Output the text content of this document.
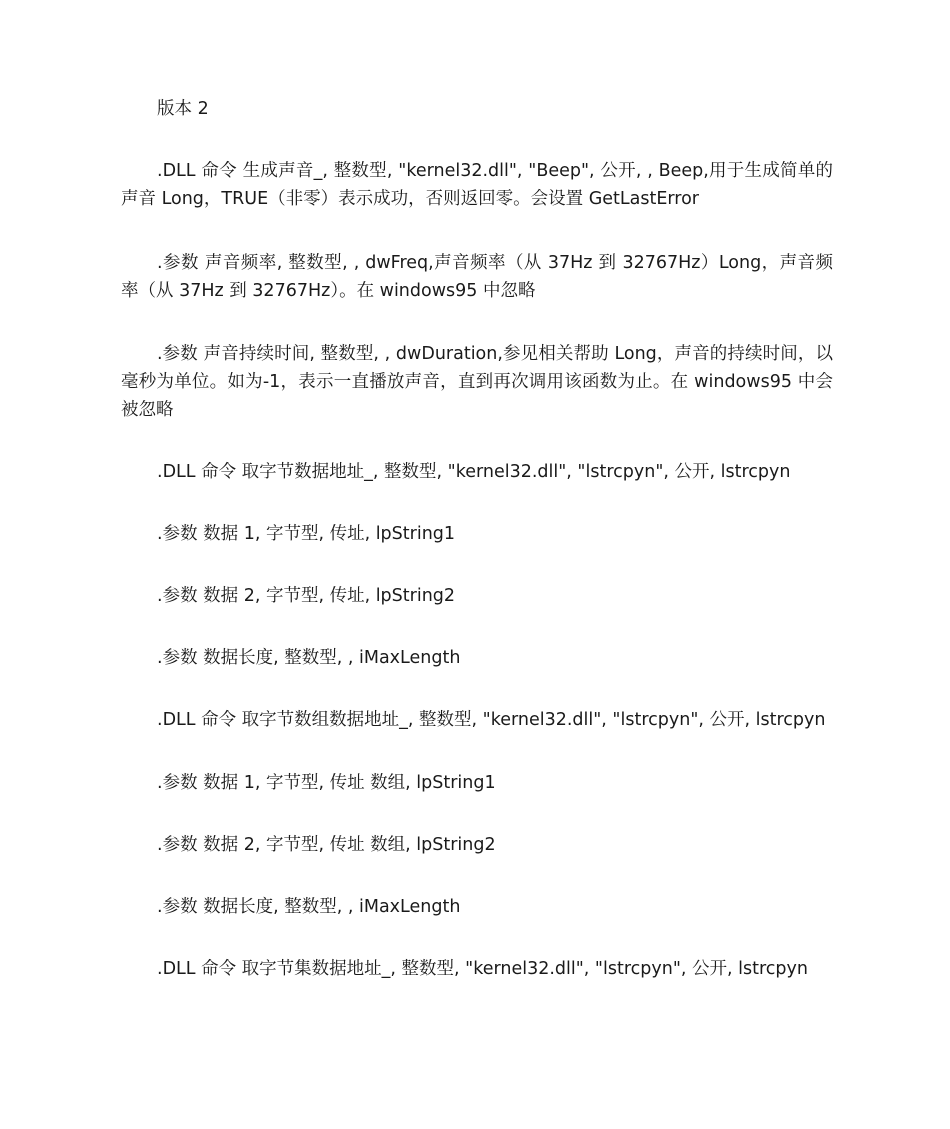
版本 2

.DLL 命令 生成声音_, 整数型, "kernel32.dll", "Beep", 公开, , Beep,用于生成简单的声音 Long，TRUE（非零）表示成功，否则返回零。会设置 GetLastError

.参数 声音频率, 整数型, , dwFreq,声音频率（从 37Hz 到 32767Hz）Long，声音频率（从 37Hz 到 32767Hz）。在 windows95 中忽略

.参数 声音持续时间, 整数型, , dwDuration,参见相关帮助 Long，声音的持续时间，以毫秒为单位。如为-1，表示一直播放声音，直到再次调用该函数为止。在 windows95 中会被忽略

.DLL 命令 取字节数据地址_, 整数型, "kernel32.dll", "lstrcpyn", 公开, lstrcpyn

.参数 数据 1, 字节型, 传址, lpString1

.参数 数据 2, 字节型, 传址, lpString2

.参数 数据长度, 整数型, , iMaxLength

.DLL 命令 取字节数组数据地址_, 整数型, "kernel32.dll", "lstrcpyn", 公开, lstrcpyn

.参数 数据 1, 字节型, 传址 数组, lpString1

.参数 数据 2, 字节型, 传址 数组, lpString2

.参数 数据长度, 整数型, , iMaxLength

.DLL 命令 取字节集数据地址_, 整数型, "kernel32.dll", "lstrcpyn", 公开, lstrcpyn
